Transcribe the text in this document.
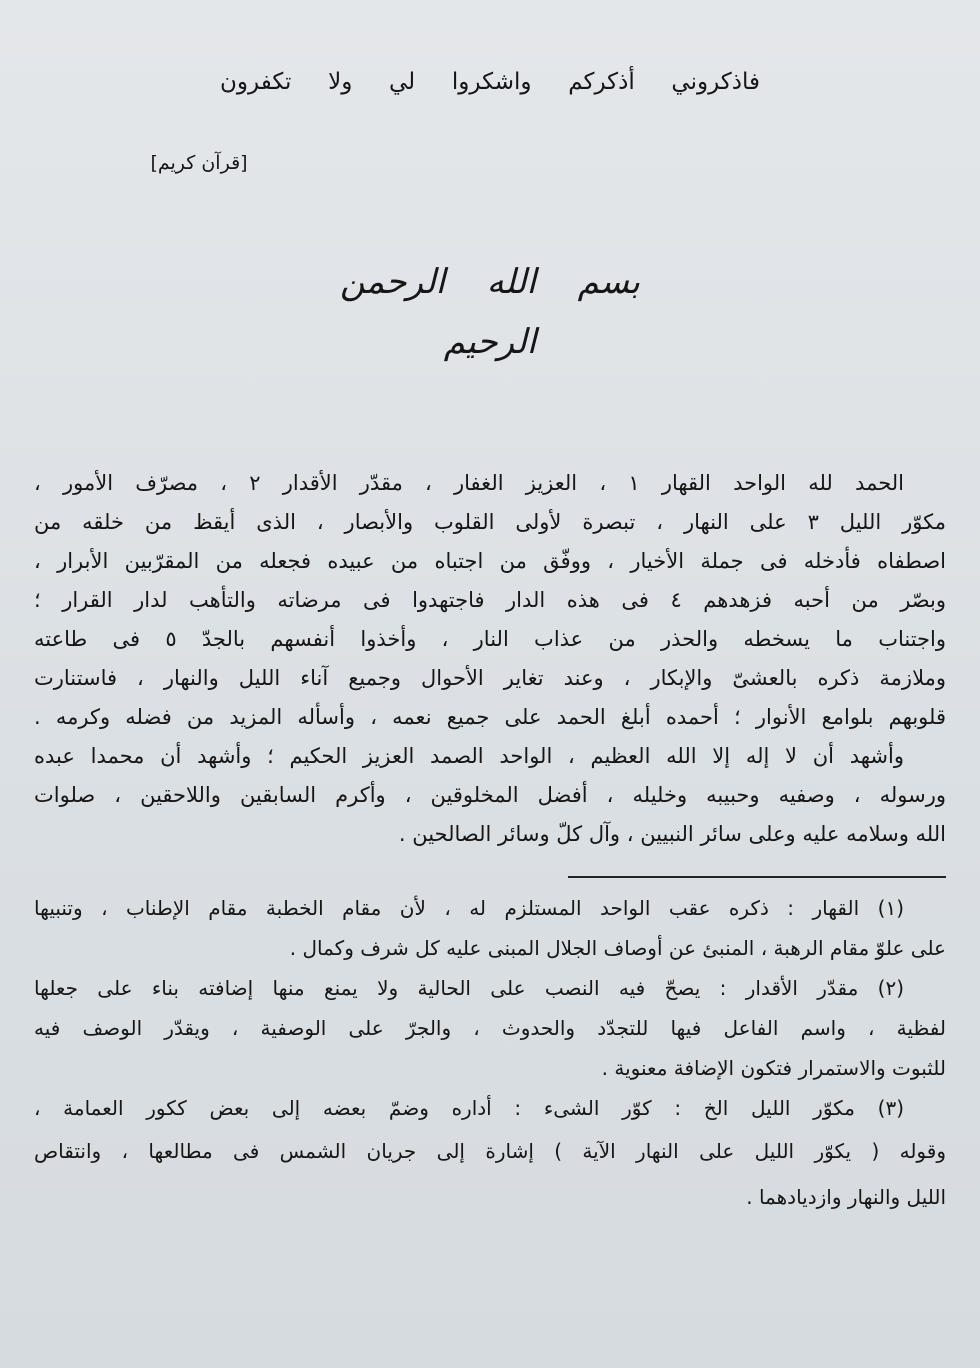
فاذكروني أذكركم واشكروا لي ولا تكفرون
[قرآن كريم]
بسم الله الرحمن الرحيم
الحمد لله الواحد القهار ١ ، العزيز الغفار ، مقدّر الأقدار ٢ ، مصرّف الأمور ،
مكوّر الليل ٣ على النهار ، تبصرة لأولى القلوب والأبصار ، الذى أيقظ من خلقه من
اصطفاه فأدخله فى جملة الأخيار ، ووفّق من اجتباه من عبيده فجعله من المقرّبين الأبرار ،
وبصّر من أحبه فزهدهم ٤ فى هذه الدار فاجتهدوا فى مرضاته والتأهب لدار القرار ؛
واجتناب ما يسخطه والحذر من عذاب النار ، وأخذوا أنفسهم بالجدّ ٥ فى طاعته
وملازمة ذكره بالعشىّ والإبكار ، وعند تغاير الأحوال وجميع آناء الليل والنهار ، فاستنارت
قلوبهم بلوامع الأنوار ؛ أحمده أبلغ الحمد على جميع نعمه ، وأسأله المزيد من فضله وكرمه .
وأشهد أن لا إله إلا الله العظيم ، الواحد الصمد العزيز الحكيم ؛ وأشهد أن محمدا عبده
ورسوله ، وصفيه وحبيبه وخليله ، أفضل المخلوقين ، وأكرم السابقين واللاحقين ، صلوات
الله وسلامه عليه وعلى سائر النبيين ، وآل كلّ وسائر الصالحين .
(١) القهار : ذكره عقب الواحد المستلزم له ، لأن مقام الخطبة مقام الإطناب ، وتنبيها
على علوّ مقام الرهبة ، المنبئ عن أوصاف الجلال المبنى عليه كل شرف وكمال .
(٢) مقدّر الأقدار : يصحّ فيه النصب على الحالية ولا يمنع منها إضافته بناء على جعلها
لفظية ، واسم الفاعل فيها للتجدّد والحدوث ، والجرّ على الوصفية ، ويقدّر الوصف فيه
للثبوت والاستمرار فتكون الإضافة معنوية .
(٣) مكوّر الليل الخ : كوّر الشىء : أداره وضمّ بعضه إلى بعض ككور العمامة ،
وقوله ( يكوّر الليل على النهار الآية ) إشارة إلى جريان الشمس فى مطالعها ، وانتقاص
الليل والنهار وازديادهما .
